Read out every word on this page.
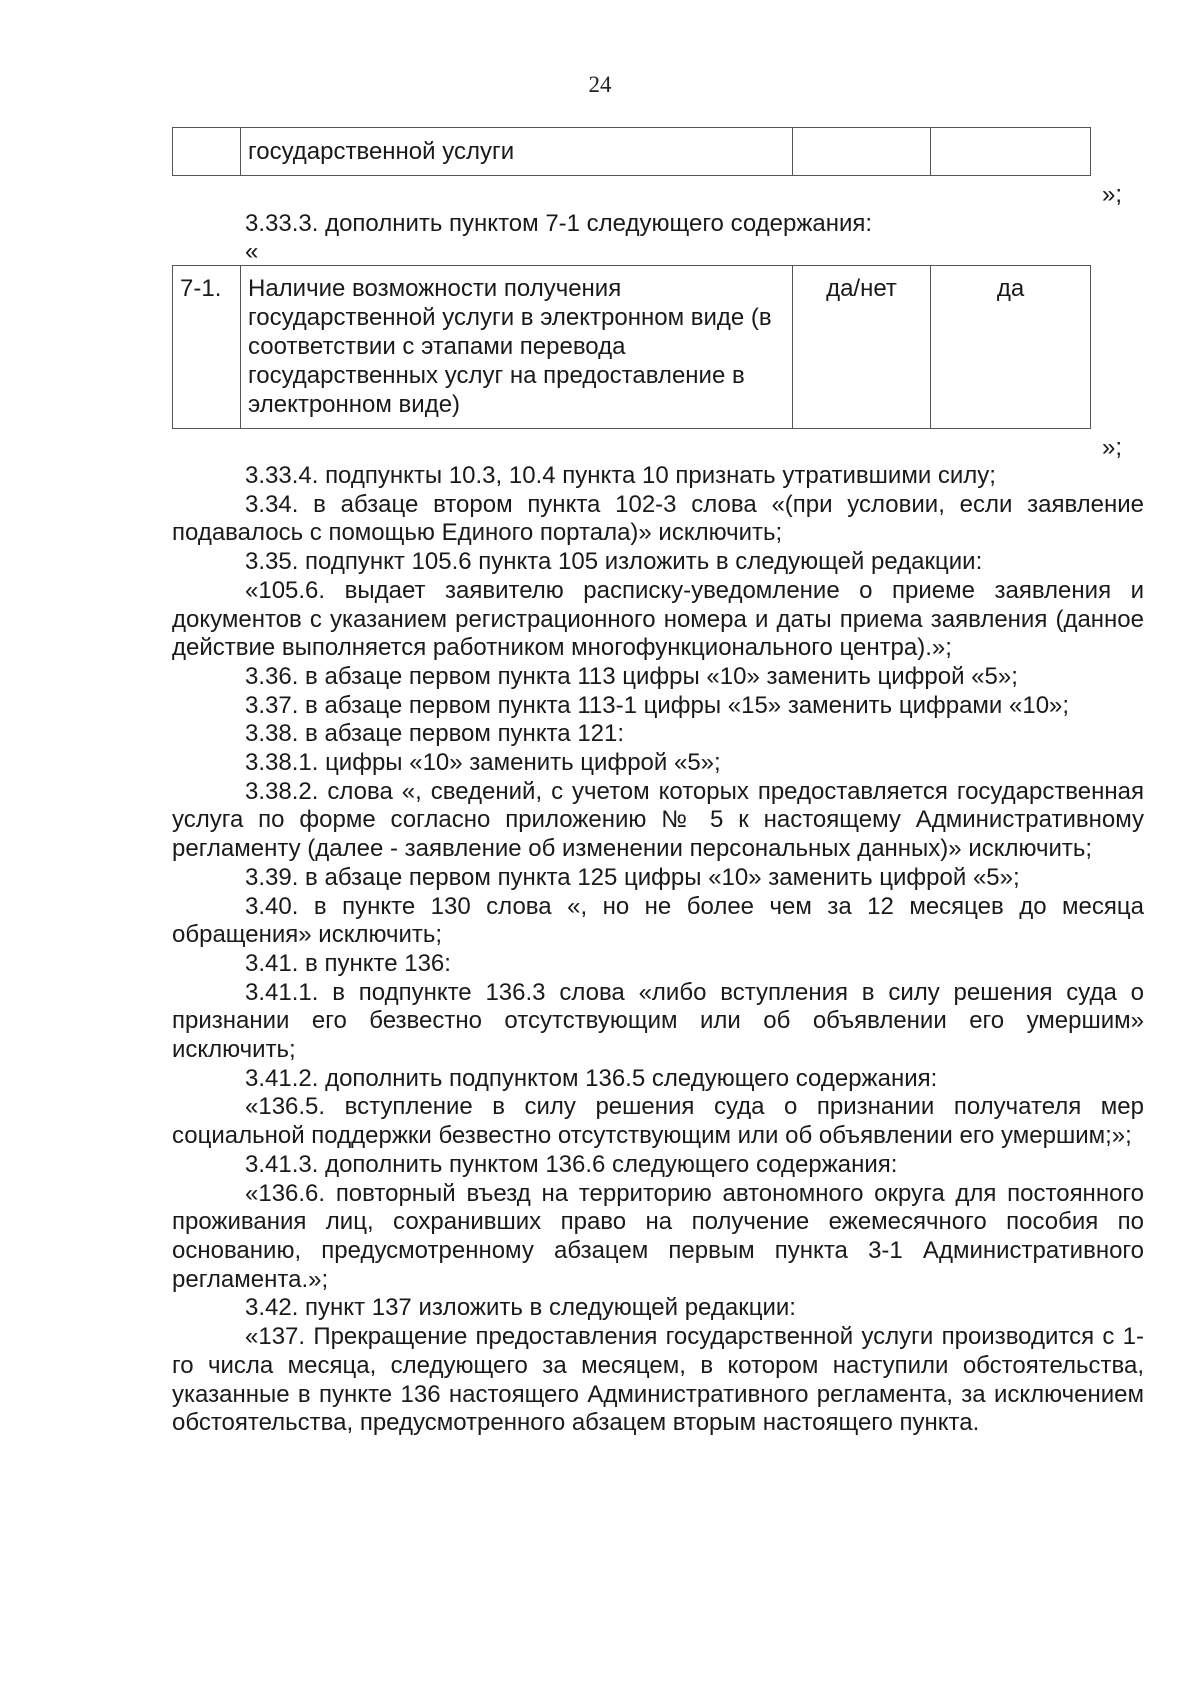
24
	государственной услуги		
»;
3.33.3. дополнить пунктом 7-1 следующего содержания:
«
7-1.	Наличие возможности получения государственной услуги в электронном виде (в соответствии с этапами перевода государственных услуг на предоставление в электронном виде)	да/нет	да
»;

3.33.4. подпункты 10.3, 10.4 пункта 10 признать утратившими силу;

3.34. в абзаце втором пункта 102-3 слова «(при условии, если заявление подавалось с помощью Единого портала)» исключить;

3.35. подпункт 105.6 пункта 105 изложить в следующей редакции:

«105.6. выдает заявителю расписку-уведомление о приеме заявления и документов с указанием регистрационного номера и даты приема заявления (данное действие выполняется работником многофункционального центра).»;

3.36. в абзаце первом пункта 113 цифры «10» заменить цифрой «5»;

3.37. в абзаце первом пункта 113-1 цифры «15» заменить цифрами «10»;

3.38. в абзаце первом пункта 121:

3.38.1. цифры «10» заменить цифрой «5»;

3.38.2. слова «, сведений, с учетом которых предоставляется государственная услуга по форме согласно приложению № 5 к настоящему Административному регламенту (далее - заявление об изменении персональных данных)» исключить;

3.39. в абзаце первом пункта 125 цифры «10» заменить цифрой «5»;

3.40. в пункте 130 слова «, но не более чем за 12 месяцев до месяца обращения» исключить;

3.41. в пункте 136:

3.41.1. в подпункте 136.3 слова «либо вступления в силу решения суда о признании его безвестно отсутствующим или об объявлении его умершим» исключить;

3.41.2. дополнить подпунктом 136.5 следующего содержания:

«136.5. вступление в силу решения суда о признании получателя мер социальной поддержки безвестно отсутствующим или об объявлении его умершим;»;

3.41.3. дополнить пунктом 136.6 следующего содержания:

«136.6. повторный въезд на территорию автономного округа для постоянного проживания лиц, сохранивших право на получение ежемесячного пособия по основанию, предусмотренному абзацем первым пункта 3-1 Административного регламента.»;

3.42. пункт 137 изложить в следующей редакции:

«137. Прекращение предоставления государственной услуги производится с 1-го числа месяца, следующего за месяцем, в котором наступили обстоятельства, указанные в пункте 136 настоящего Административного регламента, за исключением обстоятельства, предусмотренного абзацем вторым настоящего пункта.
